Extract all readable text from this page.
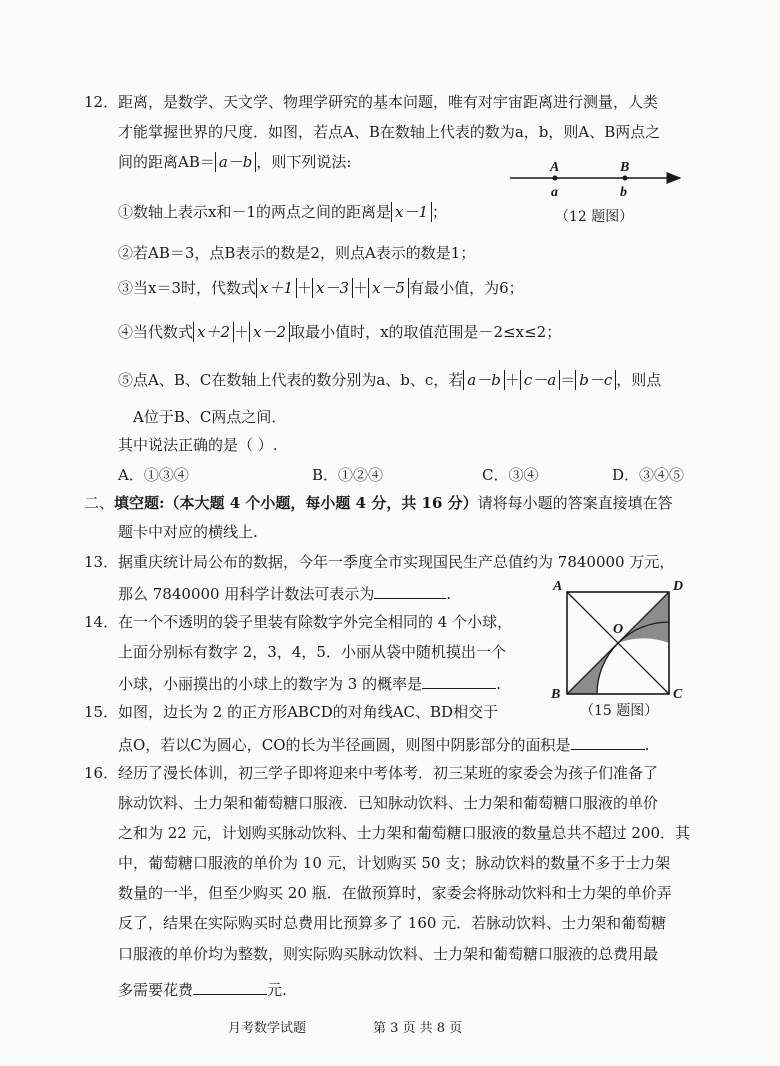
12． 距离，是数学、天文学、物理学研究的基本问题，唯有对宇宙距离进行测量，人类
才能掌握世界的尺度．如图，若点A、B在数轴上代表的数为a，b，则A、B两点之
间的距离AB＝ a－b ，则下列说法:	A	B
a	b
（12 题图）
①数轴上表示x和－1的两点之间的距离是 x－1 ；
②若AB＝3，点B表示的数是2，则点A表示的数是1；
③当x＝3时，代数式 x＋1 ＋ x－3 ＋ x－5 有最小值，为6；
④当代数式 x＋2 ＋ x－2 取最小值时，x的取值范围是－2≤x≤2；
⑤点A、B、C在数轴上代表的数分别为a、b、c，若 a－b ＋ c－a ＝ b－c ，则点
A位于B、C两点之间．
其中说法正确的是（ ）.
A．①③④	B．①②④	C．③④	D．③④⑤
二、填空题:（本大题 4 个小题，每小题 4 分，共 16 分）请将每小题的答案直接填在答
题卡中对应的横线上.
13． 据重庆统计局公布的数据，今年一季度全市实现国民生产总值约为 7840000 万元，
那么 7840000 用科学计数法可表示为	.
14． 在一个不透明的袋子里装有除数字外完全相同的 4 个小球，
上面分别标有数字 2，3，4，5．小丽从袋中随机摸出一个
小球，小丽摸出的小球上的数字为 3 的概率是	.
A	D
B	C
O
（15 题图）
15． 如图，边长为 2 的正方形ABCD的对角线AC、BD相交于
点O，若以C为圆心，CO的长为半径画圆，则图中阴影部分的面积是	.
16． 经历了漫长体训，初三学子即将迎来中考体考．初三某班的家委会为孩子们准备了
脉动饮料、士力架和葡萄糖口服液．已知脉动饮料、士力架和葡萄糖口服液的单价
之和为 22 元，计划购买脉动饮料、士力架和葡萄糖口服液的数量总共不超过 200．其
中，葡萄糖口服液的单价为 10 元，计划购买 50 支；脉动饮料的数量不多于士力架
数量的一半，但至少购买 20 瓶．在做预算时，家委会将脉动饮料和士力架的单价弄
反了，结果在实际购买时总费用比预算多了 160 元．若脉动饮料、士力架和葡萄糖
口服液的单价均为整数，则实际购买脉动饮料、士力架和葡萄糖口服液的总费用最
多需要花费	元.
月考数学试题	第 3 页 共 8 页
